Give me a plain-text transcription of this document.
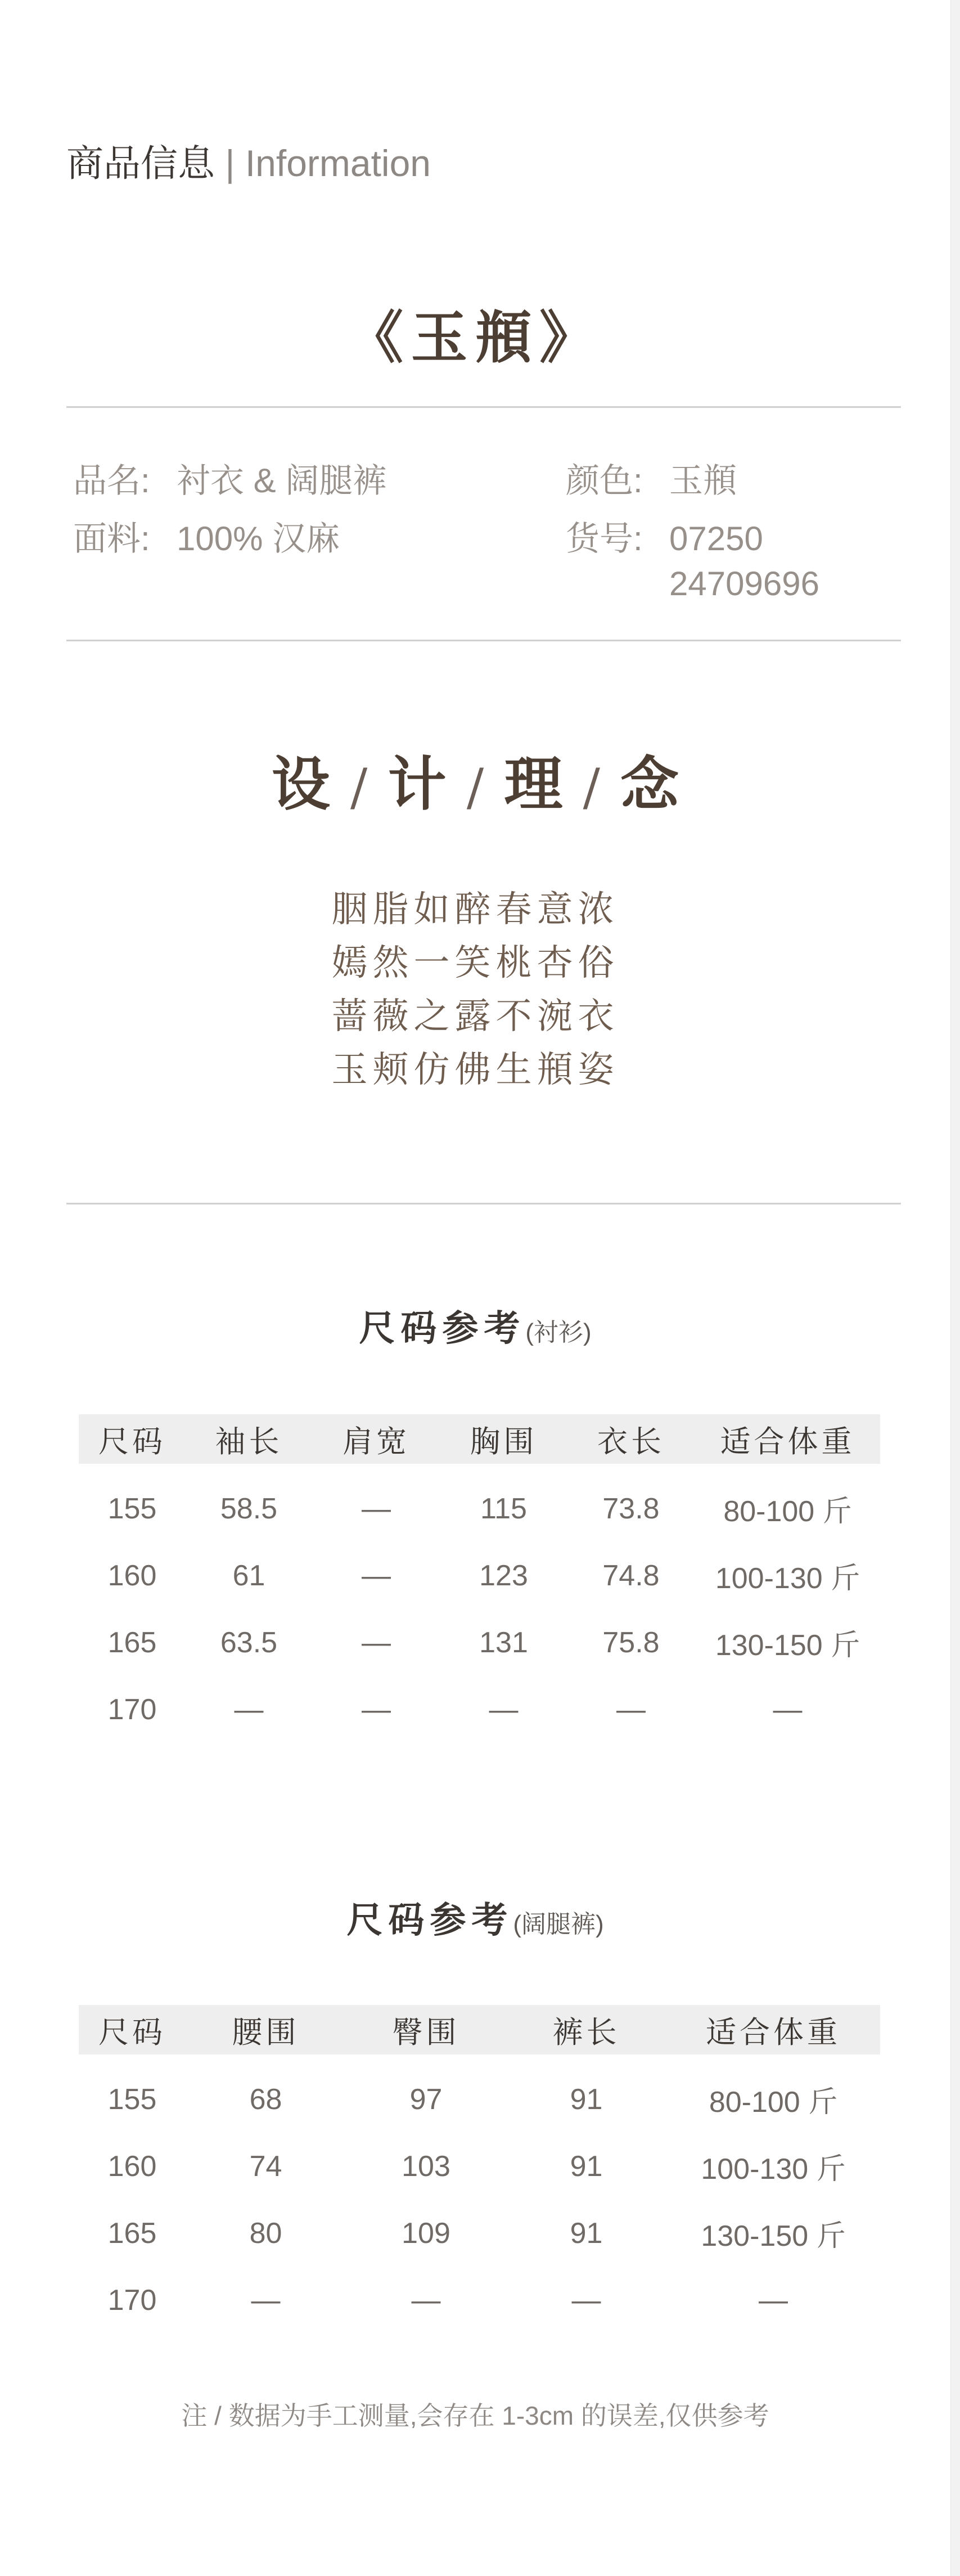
商品信息 | Information
《玉頩》
品名: 衬衣 & 阔腿裤
面料: 100% 汉麻
颜色: 玉頩
货号: 07250
24709696
设 / 计 / 理 / 念
胭脂如醉春意浓
嫣然一笑桃杏俗
蔷薇之露不涴衣
玉颊仿佛生頩姿
尺码参考(衬衫)
尺码	袖长	肩宽	胸围	衣长	适合体重
155	58.5	—	115	73.8	80-100 斤
160	61	—	123	74.8	100-130 斤
165	63.5	—	131	75.8	130-150 斤
170	—	—	—	—	—
尺码参考(阔腿裤)
尺码	腰围	臀围	裤长	适合体重
155	68	97	91	80-100 斤
160	74	103	91	100-130 斤
165	80	109	91	130-150 斤
170	—	—	—	—
注 / 数据为手工测量,会存在 1-3cm 的误差,仅供参考
